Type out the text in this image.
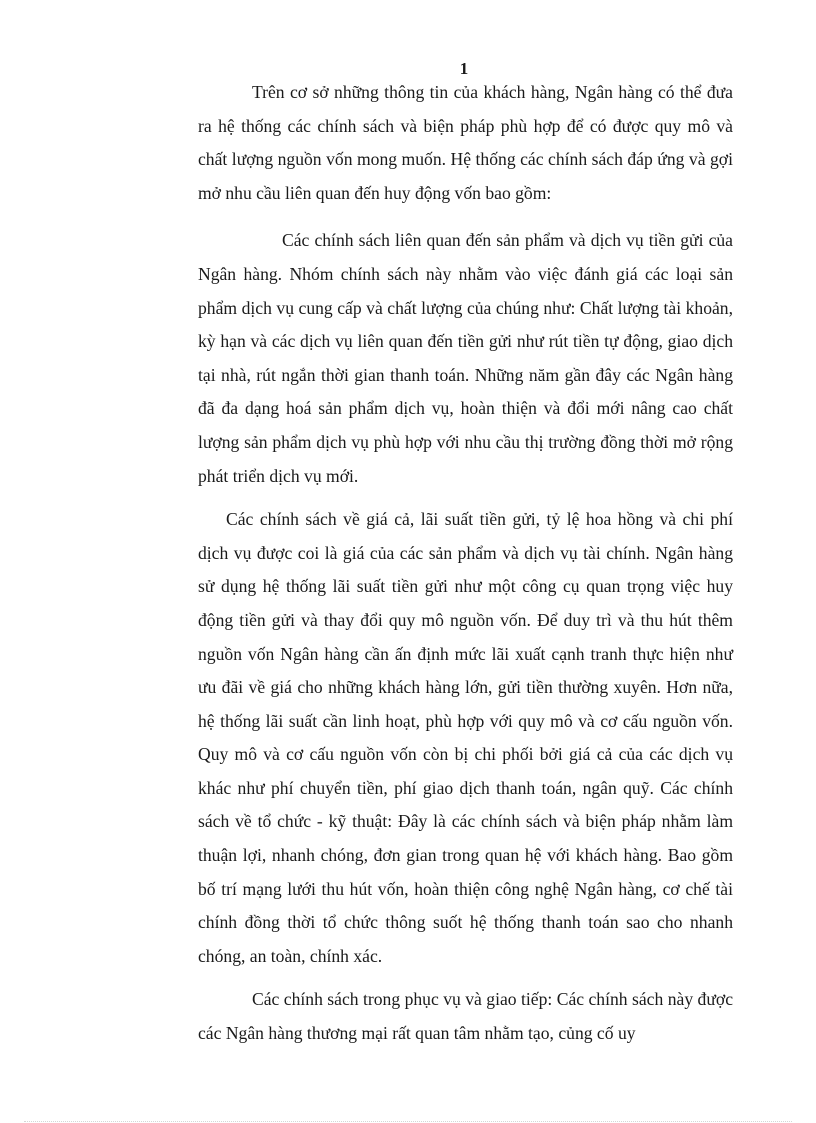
1

Trên cơ sở những thông tin của khách hàng, Ngân hàng có thể đưa ra hệ thống các chính sách và biện pháp phù hợp để có được quy mô và chất lượng nguồn vốn mong muốn. Hệ thống các chính sách đáp ứng và gợi mở nhu cầu liên quan đến huy động vốn bao gồm:

Các chính sách liên quan đến sản phẩm và dịch vụ tiền gửi của Ngân hàng. Nhóm chính sách này nhằm vào việc đánh giá các loại sản phẩm dịch vụ cung cấp và chất lượng của chúng như: Chất lượng tài khoản, kỳ hạn và các dịch vụ liên quan đến tiền gửi như rút tiền tự động, giao dịch tại nhà, rút ngắn thời gian thanh toán. Những năm gần đây các Ngân hàng đã đa dạng hoá sản phẩm dịch vụ, hoàn thiện và đổi mới nâng cao chất lượng sản phẩm dịch vụ phù hợp với nhu cầu thị trường đồng thời mở rộng phát triển dịch vụ mới.

Các chính sách về giá cả, lãi suất tiền gửi, tỷ lệ hoa hồng và chi phí dịch vụ được coi là giá của các sản phẩm và dịch vụ tài chính. Ngân hàng sử dụng hệ thống lãi suất tiền gửi như một công cụ quan trọng việc huy động tiền gửi và thay đổi quy mô nguồn vốn. Để duy trì và thu hút thêm nguồn vốn Ngân hàng cần ấn định mức lãi xuất cạnh tranh thực hiện như ưu đãi về giá cho những khách hàng lớn, gửi tiền thường xuyên. Hơn nữa, hệ thống lãi suất cần linh hoạt, phù hợp với quy mô và cơ cấu nguồn vốn. Quy mô và cơ cấu nguồn vốn còn bị chi phối bởi giá cả của các dịch vụ khác như phí chuyển tiền, phí giao dịch thanh toán, ngân quỹ. Các chính sách về tổ chức - kỹ thuật: Đây là các chính sách và biện pháp nhằm làm thuận lợi, nhanh chóng, đơn gian trong quan hệ với khách hàng. Bao gồm bố trí mạng lưới thu hút vốn, hoàn thiện công nghệ Ngân hàng, cơ chế tài chính đồng thời tổ chức thông suốt hệ thống thanh toán sao cho nhanh chóng, an toàn, chính xác.

Các chính sách trong phục vụ và giao tiếp: Các chính sách này được các Ngân hàng thương mại rất quan tâm nhằm tạo, củng cố uy
